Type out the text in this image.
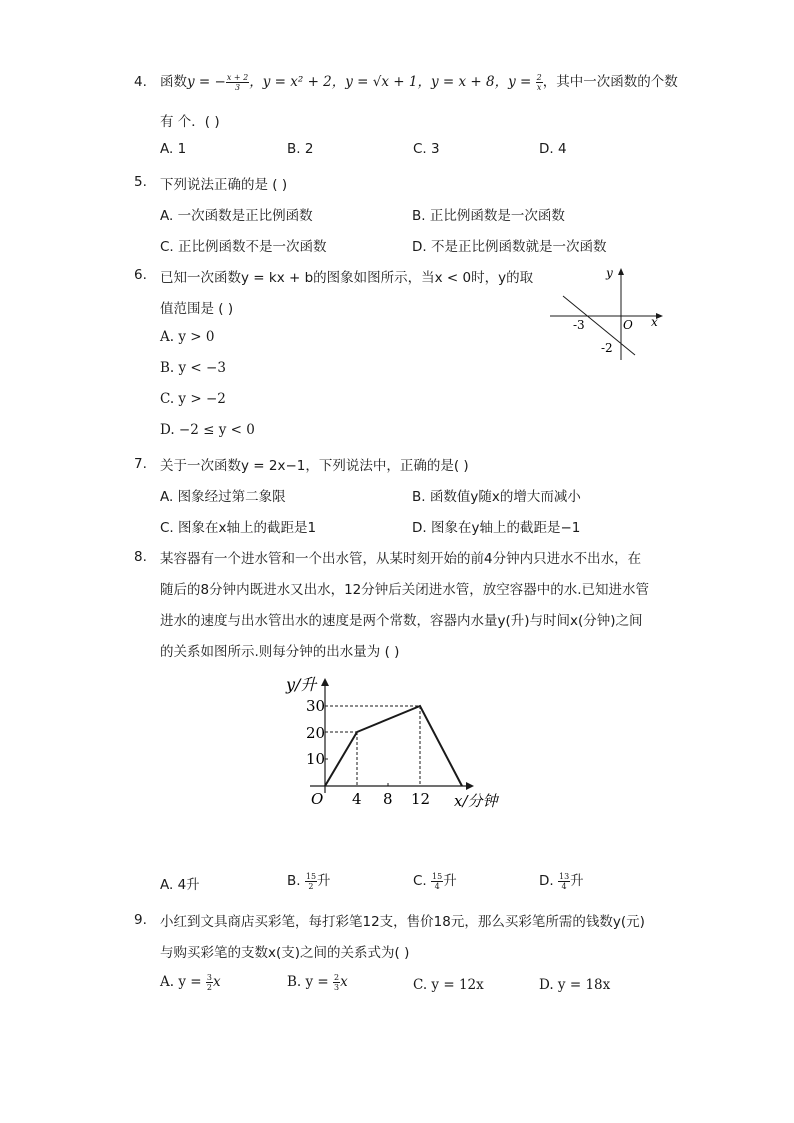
4. 函数y = − $\frac{x + 2}{3}$ ，y = x² + 2，y = √x + 1，y = x + 8，$y = \frac{2}{x}$ ，其中一次函数的个数
有 个．( )
A. 1	B. 2	C. 3	D. 4
5. 下列说法正确的是 ( )
A. 一次函数是正比例函数	B. 正比例函数是一次函数
C. 正比例函数不是一次函数	D. 不是正比例函数就是一次函数
6. 已知一次函数y = kx + b的图象如图所示，当x < 0时，y的取
值范围是 ( )
A. y > 0
B. y < −3
C. y > −2
D. −2 ≤ y < 0
x
y
O
-3
-2
7. 关于一次函数y = 2x−1，下列说法中，正确的是( )
A. 图象经过第二象限	B. 函数值y随x的增大而减小
C. 图象在x轴上的截距是1	D. 图象在y轴上的截距是−1
8. 某容器有一个进水管和一个出水管，从某时刻开始的前4分钟内只进水不出水，在
随后的8分钟内既进水又出水，12分钟后关闭进水管，放空容器中的水.已知进水管
进水的速度与出水管出水的速度是两个常数，容器内水量y(升)与时间x(分钟)之间
的关系如图所示.则每分钟的出水量为 ( )
y/升
x/分钟
O
10
20
30
4 8 12
A. 4升	B. $\frac{15}{2}$ 升	C. $\frac{15}{4}$ 升	D. $\frac{13}{4}$ 升
9. 小红到文具商店买彩笔，每打彩笔12支，售价18元，那么买彩笔所需的钱数y(元)
与购买彩笔的支数x(支)之间的关系式为( )
A. $y = \frac{3}{2}$ x	B. $y = \frac{2}{3}$ x	C. y = 12x	D. y = 18x
